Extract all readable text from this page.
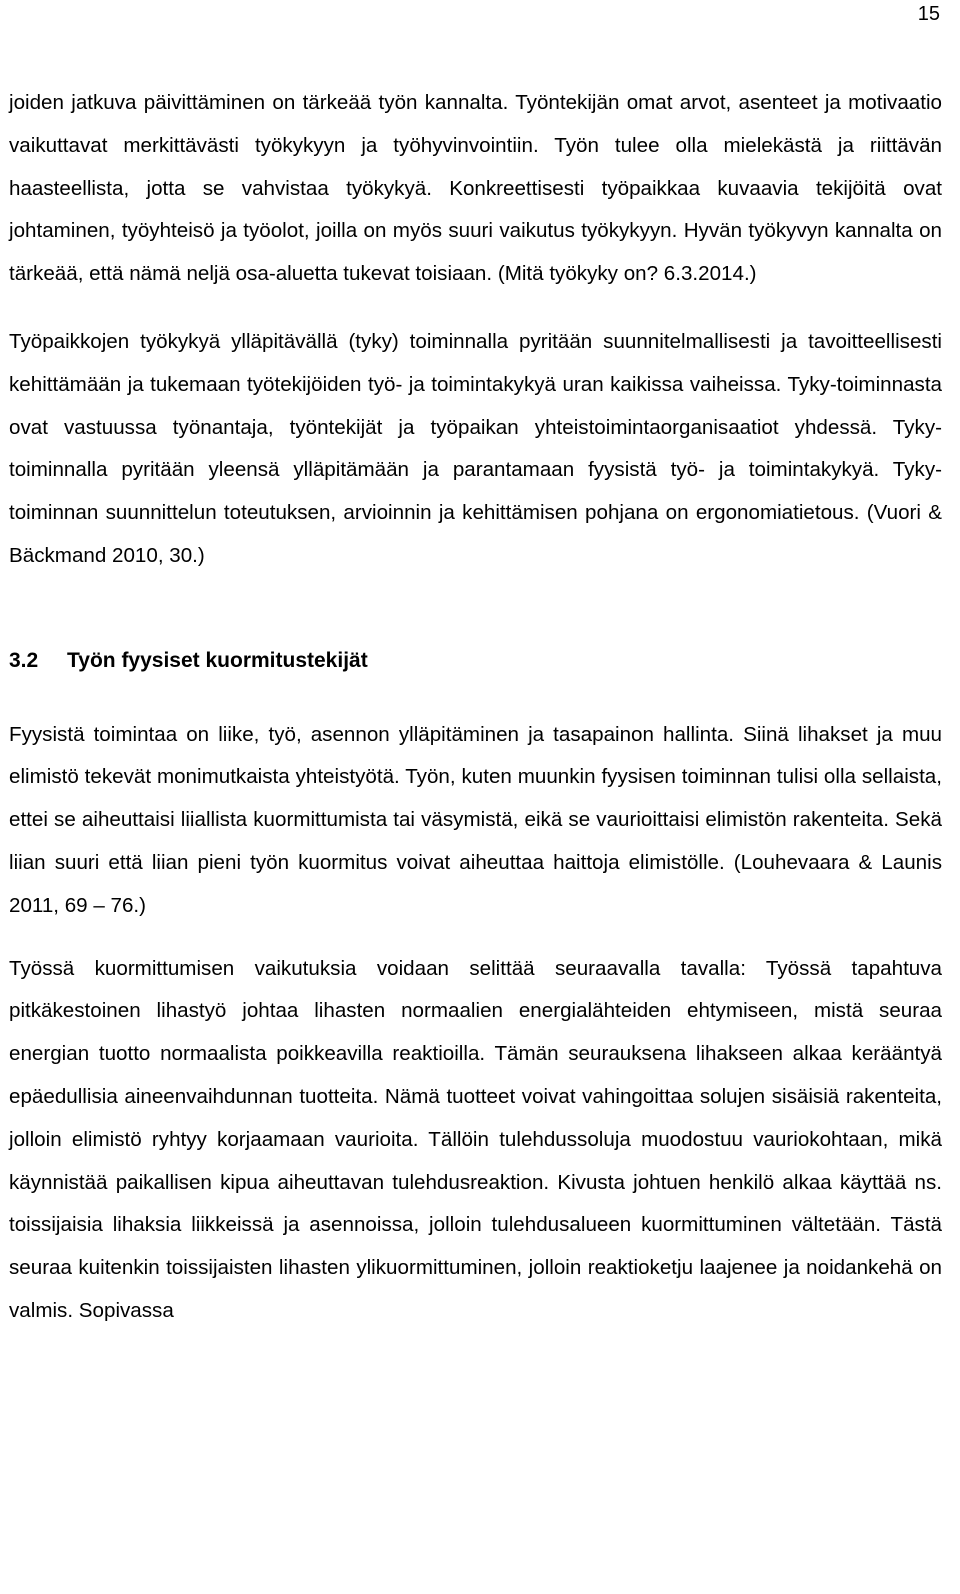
15

joiden jatkuva päivittäminen on tärkeää työn kannalta. Työntekijän omat arvot, asenteet ja motivaatio vaikuttavat merkittävästi työkykyyn ja työhyvinvointiin. Työn tulee olla mielekästä ja riittävän haasteellista, jotta se vahvistaa työkykyä. Konkreettisesti työpaikkaa kuvaavia tekijöitä ovat johtaminen, työyhteisö ja työolot, joilla on myös suuri vaikutus työkykyyn. Hyvän työkyvyn kannalta on tärkeää, että nämä neljä osa-aluetta tukevat toisiaan. (Mitä työkyky on? 6.3.2014.)

Työpaikkojen työkykyä ylläpitävällä (tyky) toiminnalla pyritään suunnitelmallisesti ja tavoitteellisesti kehittämään ja tukemaan työtekijöiden työ- ja toimintakykyä uran kaikissa vaiheissa. Tyky-toiminnasta ovat vastuussa työnantaja, työntekijät ja työpaikan yhteistoimintaorganisaatiot yhdessä. Tyky-toiminnalla pyritään yleensä ylläpitämään ja parantamaan fyysistä työ- ja toimintakykyä. Tyky-toiminnan suunnittelun toteutuksen, arvioinnin ja kehittämisen pohjana on ergonomiatietous. (Vuori & Bäckmand 2010, 30.)

3.2	Työn fyysiset kuormitustekijät

Fyysistä toimintaa on liike, työ, asennon ylläpitäminen ja tasapainon hallinta. Siinä lihakset ja muu elimistö tekevät monimutkaista yhteistyötä. Työn, kuten muunkin fyysisen toiminnan tulisi olla sellaista, ettei se aiheuttaisi liiallista kuormittumista tai väsymistä, eikä se vaurioittaisi elimistön rakenteita. Sekä liian suuri että liian pieni työn kuormitus voivat aiheuttaa haittoja elimistölle. (Louhevaara & Launis 2011, 69 – 76.)

Työssä kuormittumisen vaikutuksia voidaan selittää seuraavalla tavalla: Työssä tapahtuva pitkäkestoinen lihastyö johtaa lihasten normaalien energialähteiden ehtymiseen, mistä seuraa energian tuotto normaalista poikkeavilla reaktioilla. Tämän seurauksena lihakseen alkaa kerääntyä epäedullisia aineenvaihdunnan tuotteita. Nämä tuotteet voivat vahingoittaa solujen sisäisiä rakenteita, jolloin elimistö ryhtyy korjaamaan vaurioita. Tällöin tulehdussoluja muodostuu vauriokohtaan, mikä käynnistää paikallisen kipua aiheuttavan tulehdusreaktion. Kivusta johtuen henkilö alkaa käyttää ns. toissijaisia lihaksia liikkeissä ja asennoissa, jolloin tulehdusalueen kuormittuminen vältetään. Tästä seuraa kuitenkin toissijaisten lihasten ylikuormittuminen, jolloin reaktioketju laajenee ja noidankehä on valmis. Sopivassa
